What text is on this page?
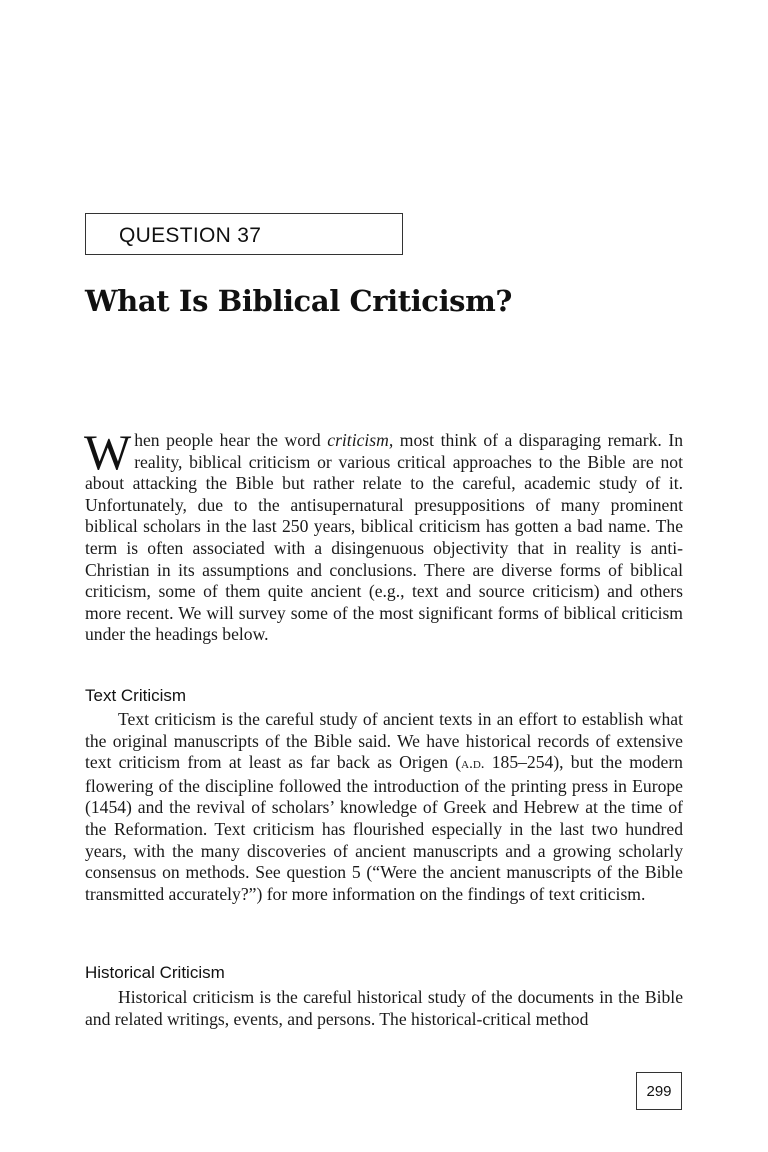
QUESTION 37
What Is Biblical Criticism?

When people hear the word criticism, most think of a disparaging remark. In reality, biblical criticism or various critical approaches to the Bible are not about attacking the Bible but rather relate to the careful, academic study of it. Unfortunately, due to the antisupernatural presuppositions of many prominent biblical scholars in the last 250 years, biblical criticism has gotten a bad name. The term is often associated with a disingenuous objectivity that in reality is anti-Christian in its assumptions and conclusions. There are diverse forms of biblical criticism, some of them quite ancient (e.g., text and source criticism) and others more recent. We will survey some of the most significant forms of biblical criticism under the headings below.

Text Criticism

Text criticism is the careful study of ancient texts in an effort to establish what the original manuscripts of the Bible said. We have historical records of extensive text criticism from at least as far back as Origen (a.d. 185–254), but the modern flowering of the discipline followed the introduction of the printing press in Europe (1454) and the revival of scholars’ knowledge of Greek and Hebrew at the time of the Reformation. Text criticism has flourished especially in the last two hundred years, with the many discoveries of ancient manuscripts and a growing scholarly consensus on methods. See question 5 (“Were the ancient manuscripts of the Bible transmitted accurately?”) for more information on the findings of text criticism.

Historical Criticism

Historical criticism is the careful historical study of the documents in the Bible and related writings, events, and persons. The historical-critical method

299
